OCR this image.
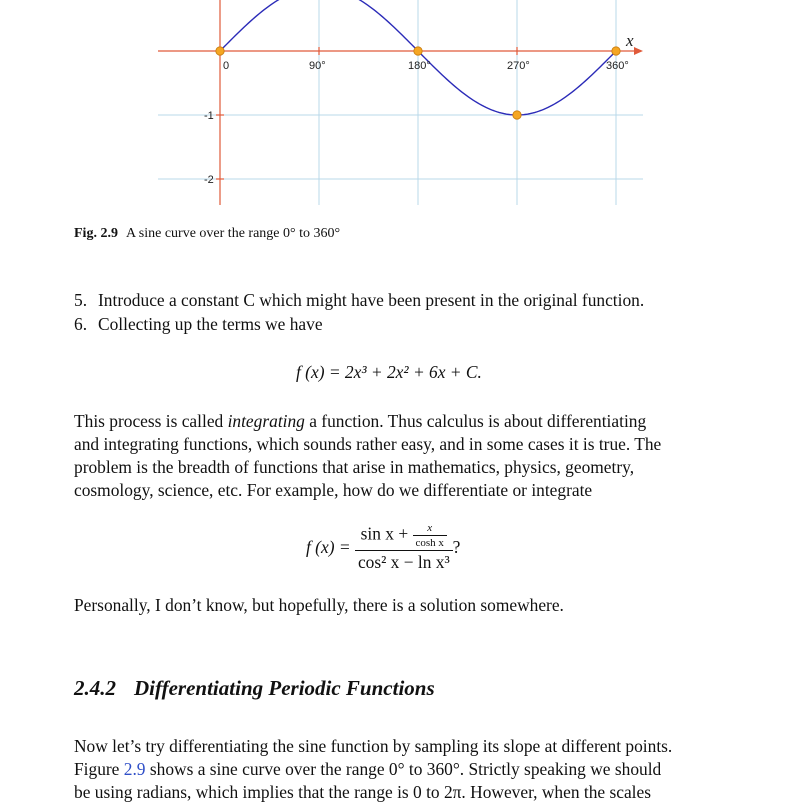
0	90°	180°	270°	360°
-1
-2
x
Fig. 2.9 A sine curve over the range 0° to 360°
5. Introduce a constant C which might have been present in the original function.
6. Collecting up the terms we have
f (x) = 2x³ + 2x² + 6x + C.
This process is called integrating a function. Thus calculus is about differentiating
and integrating functions, which sounds rather easy, and in some cases it is true. The
problem is the breadth of functions that arise in mathematics, physics, geometry,
cosmology, science, etc. For example, how do we differentiate or integrate
f $(x) = \frac{\sin x + \frac{x}{\text{cosh x}}}{\text{cos² x − ln x³}}$ ?
Personally, I don’t know, but hopefully, there is a solution somewhere.
2.4.2 Differentiating Periodic Functions
Now let’s try differentiating the sine function by sampling its slope at different points.
Figure 2.9 shows a sine curve over the range 0° to 360°. Strictly speaking we should
be using radians, which implies that the range is 0 to 2π. However, when the scales
